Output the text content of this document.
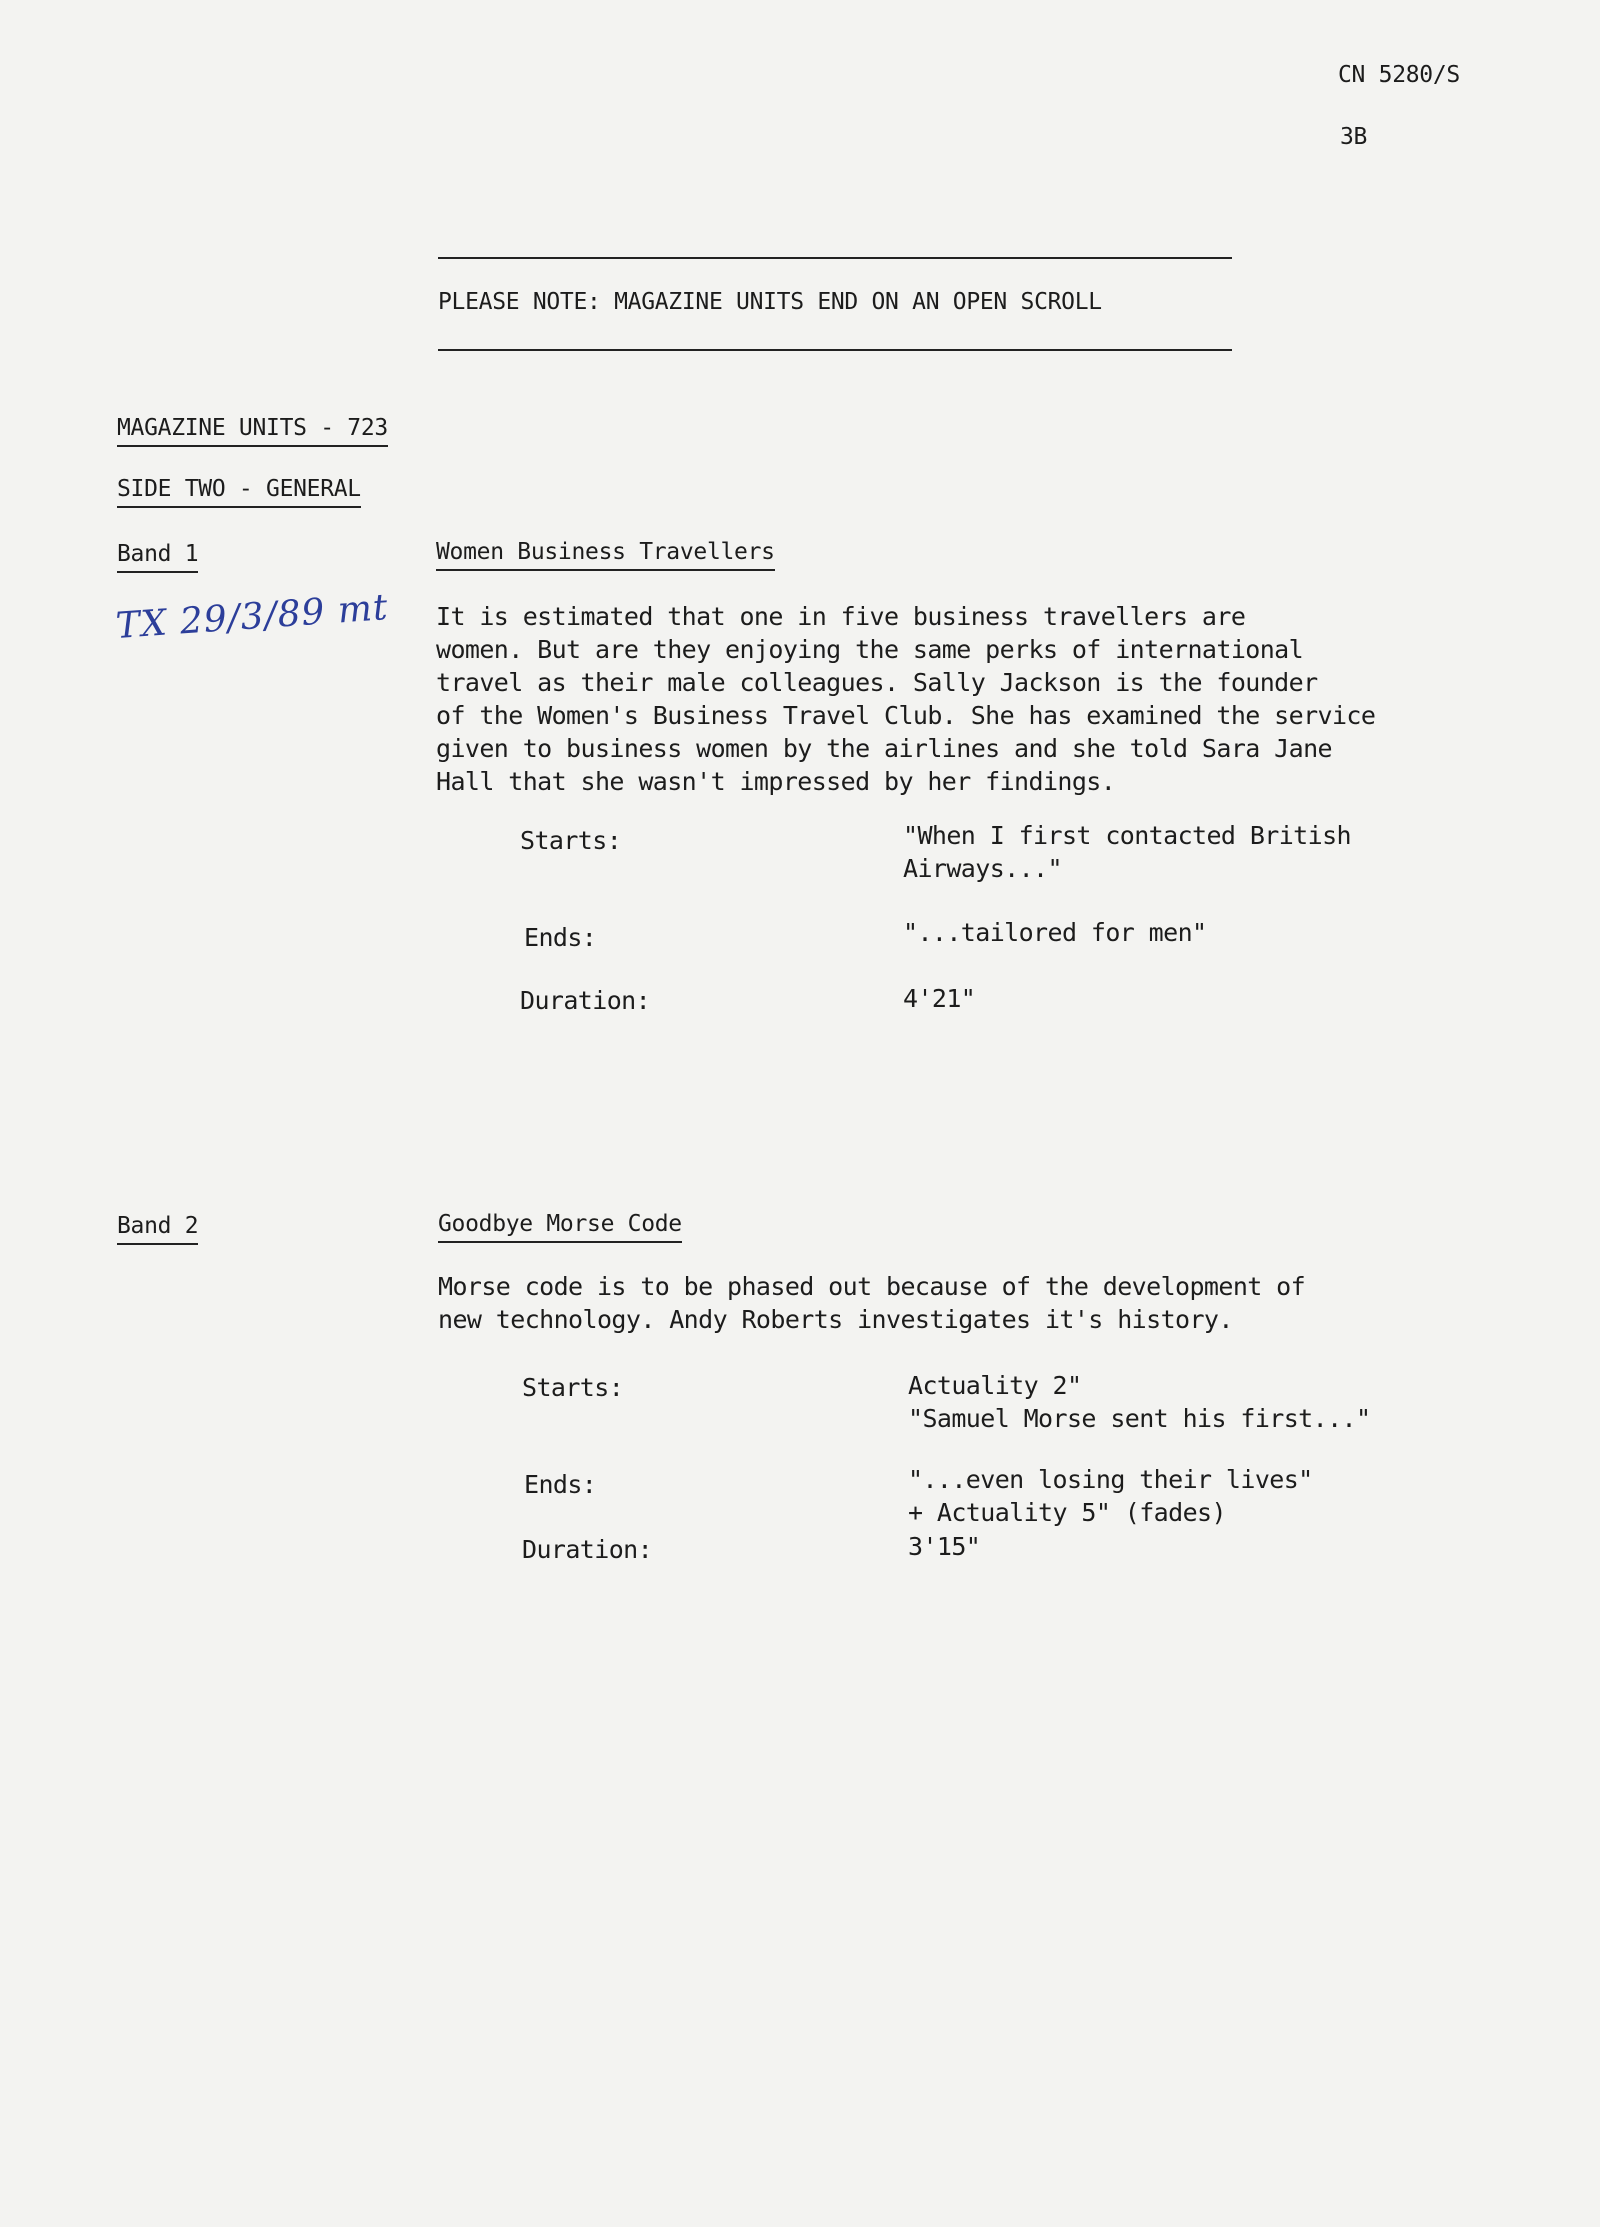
CN 5280/S
3B
PLEASE NOTE: MAGAZINE UNITS END ON AN OPEN SCROLL
MAGAZINE UNITS - 723
SIDE TWO - GENERAL
Band 1	Women Business Travellers
TX 29/3/89 mt It is estimated that one in five business travellers are
women. But are they enjoying the same perks of international
travel as their male colleagues. Sally Jackson is the founder
of the Women's Business Travel Club. She has examined the service
given to business women by the airlines and she told Sara Jane
Hall that she wasn't impressed by her findings.
Starts:	"When I first contacted British
Airways..."
Ends:	"...tailored for men"
Duration:	4'21"
Band 2	Goodbye Morse Code
Morse code is to be phased out because of the development of
new technology. Andy Roberts investigates it's history.
Starts:	Actuality 2"
"Samuel Morse sent his first..."
Ends:	"...even losing their lives"
+ Actuality 5" (fades)
Duration:	3'15"
